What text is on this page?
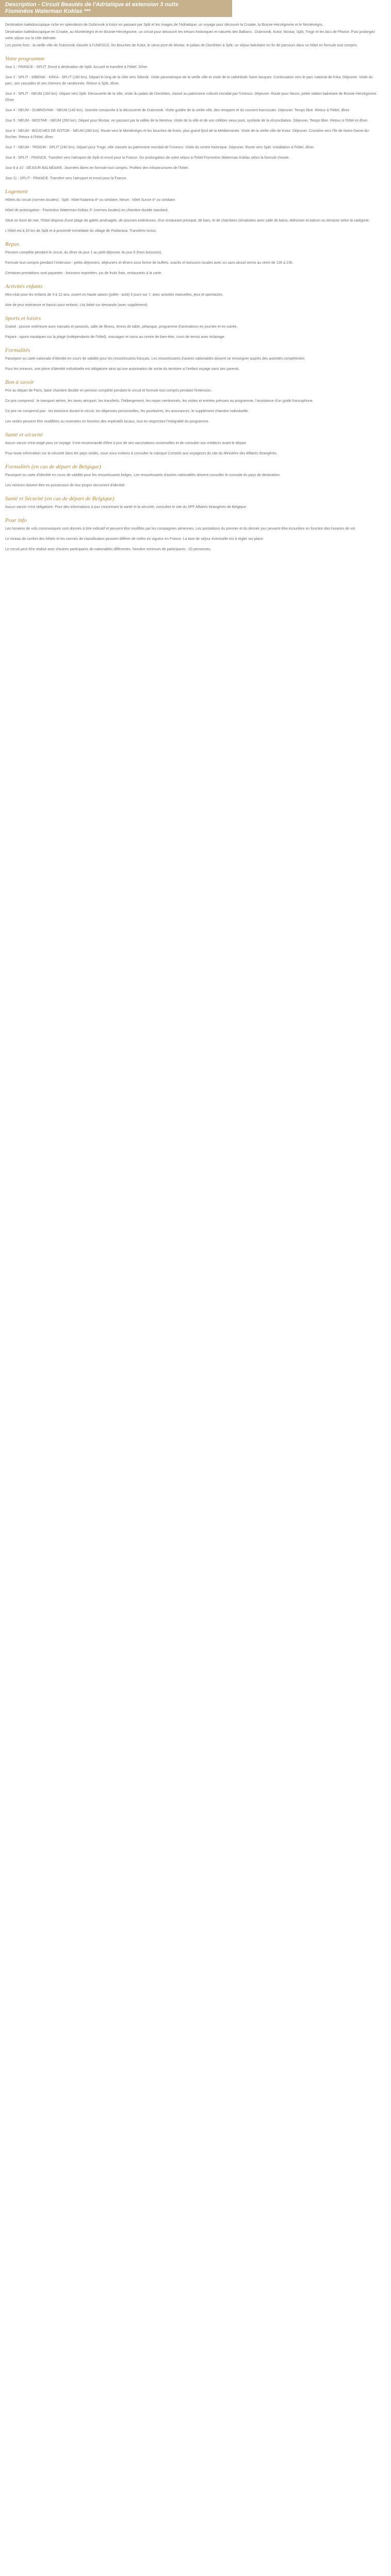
Description - Circuit Beautés de l'Adriatique et extension 3 nuits
Fisminéos Waterman Koklas ***

Destination kaléidoscopique riche en splendeurs de Dubrovnik à Kotor en passant par Split et les rivages de l'Adriatique, un voyage pour découvrir la Croatie, la Bosnie-Herzégovine et le Monténégro.

Destination kaléidoscopique en Croatie, au Monténégro et en Bosnie-Herzégovine, un circuit pour découvrir les trésors historiques et naturels des Balkans : Dubrovnik, Kotor, Mostar, Split, Trogir et les lacs de Plitvice. Puis prolongez votre séjour sur la côte dalmate.

Les points forts : la vieille ville de Dubrovnik classée à l'UNESCO, les Bouches de Kotor, le vieux pont de Mostar, le palais de Dioclétien à Split, un séjour balnéaire en fin de parcours dans un hôtel en formule tout compris.

Votre programme

Jour 1 : FRANCE - SPLIT. Envol à destination de Split. Accueil et transfert à l'hôtel. Dîner.

Jour 2 : SPLIT - SIBENIK - KRKA - SPLIT (160 km). Départ le long de la côte vers Sibenik. Visite panoramique de la vieille ville et visite de la cathédrale Saint-Jacques. Continuation vers le parc national de Krka. Déjeuner. Visite du parc, ses cascades et ses chemins de randonnée. Retour à Split, dîner.

Jour 3 : SPLIT - NEUM (160 km). Départ vers Split. Découverte de la ville, visite du palais de Dioclétien, classé au patrimoine culturel mondial par l'Unesco. Déjeuner. Route pour Neum, petite station balnéaire de Bosnie-Herzégovine. Dîner.

Jour 4 : NEUM - DUBROVNIK - NEUM (140 km). Journée consacrée à la découverte de Dubrovnik. Visite guidée de la vieille ville, des remparts et du couvent franciscain. Déjeuner. Temps libre. Retour à l'hôtel, dîner.

Jour 5 : NEUM - MOSTAR - NEUM (260 km). Départ pour Mostar, en passant par la vallée de la Neretva. Visite de la ville et de son célèbre vieux pont, symbole de la réconciliation. Déjeuner. Temps libre. Retour à l'hôtel et dîner.

Jour 6 : NEUM - BOUCHES DE KOTOR - NEUM (280 km). Route vers le Monténégro et les bouches de Kotor, plus grand fjord de la Méditerranée. Visite de la vieille ville de Kotor. Déjeuner. Croisière vers l'île de Notre-Dame-du-Rocher. Retour à l'hôtel, dîner.

Jour 7 : NEUM - TROGIR - SPLIT (240 km). Départ pour Trogir, ville classée au patrimoine mondial de l'Unesco. Visite du centre historique. Déjeuner. Route vers Split. Installation à l'hôtel, dîner.

Jour 8 : SPLIT - FRANCE. Transfert vers l'aéroport de Split et envol pour la France. Ou prolongation de votre séjour à l'hôtel Fisminéos Waterman Koklas selon la formule choisie.

Jour 8 à 10 : SÉJOUR BALNÉAIRE. Journées libres en formule tout compris. Profitez des infrastructures de l'hôtel.

Jour 11 : SPLIT - FRANCE. Transfert vers l'aéroport et envol pour la France.

Logement

Hôtels du circuit (normes locales) : Split : hôtel Katarina 4* ou similaire, Neum : hôtel Sunce 4* ou similaire.

Hôtel de prolongation : Fisminéos Waterman Koklas 3* (normes locales) en chambre double standard.

Situé en bord de mer, l'hôtel dispose d'une plage de galets aménagée, de piscines extérieures, d'un restaurant principal, de bars, et de chambres climatisées avec salle de bains, télévision et balcon ou terrasse selon la catégorie.

L'hôtel est à 20 km de Split et à proximité immédiate du village de Podstrana. Transferts inclus.

Repas

Pension complète pendant le circuit, du dîner du jour 1 au petit déjeuner du jour 8 (hors boissons).

Formule tout compris pendant l'extension : petits déjeuners, déjeuners et dîners sous forme de buffets, snacks et boissons locales avec ou sans alcool servis au verre de 10h à 23h.

Certaines prestations sont payantes : boissons importées, jus de fruits frais, restaurants à la carte.

Activités enfants

Mini-club pour les enfants de 4 à 12 ans, ouvert en haute saison (juillet - août) 6 jours sur 7, avec activités manuelles, jeux et spectacles.

Aire de jeux extérieure et bassin pour enfants. Lits bébé sur demande (avec supplément).

Sports et loisirs

Gratuit : piscine extérieure avec transats et parasols, salle de fitness, tennis de table, pétanque, programme d'animations en journée et en soirée.

Payant : sports nautiques sur la plage (indépendants de l'hôtel), massages et soins au centre de bien-être, court de tennis avec éclairage.

Formalités

Passeport ou carte nationale d'identité en cours de validité pour les ressortissants français. Les ressortissants d'autres nationalités doivent se renseigner auprès des autorités compétentes.

Pour les mineurs, une pièce d'identité individuelle est obligatoire ainsi qu'une autorisation de sortie du territoire si l'enfant voyage sans ses parents.

Bon à savoir

Prix au départ de Paris, base chambre double en pension complète pendant le circuit et formule tout compris pendant l'extension.

Ce prix comprend : le transport aérien, les taxes aéroport, les transferts, l'hébergement, les repas mentionnés, les visites et entrées prévues au programme, l'assistance d'un guide francophone.

Ce prix ne comprend pas : les boissons durant le circuit, les dépenses personnelles, les pourboires, les assurances, le supplément chambre individuelle.

Les visites peuvent être modifiées ou inversées en fonction des impératifs locaux, tout en respectant l'intégralité du programme.

Santé et sécurité

Aucun vaccin n'est exigé pour ce voyage. Il est recommandé d'être à jour de ses vaccinations universelles et de consulter son médecin avant le départ.

Pour toute information sur la sécurité dans les pays visités, nous vous invitons à consulter la rubrique Conseils aux voyageurs du site du Ministère des Affaires étrangères.

Formalités (en cas de départ de Belgique)

Passeport ou carte d'identité en cours de validité pour les ressortissants belges. Les ressortissants d'autres nationalités doivent consulter le consulat du pays de destination.

Les mineurs doivent être en possession de leur propre document d'identité.

Santé et Sécurité (en cas de départ de Belgique)

Aucun vaccin n'est obligatoire. Pour des informations à jour concernant la santé et la sécurité, consultez le site du SPF Affaires étrangères de Belgique.

Pour info

Les horaires de vols communiqués sont donnés à titre indicatif et peuvent être modifiés par les compagnies aériennes. Les prestations du premier et du dernier jour peuvent être écourtées en fonction des horaires de vol.

Le niveau de confort des hôtels et les normes de classification peuvent différer de celles en vigueur en France. La taxe de séjour éventuelle est à régler sur place.

Le circuit peut être réalisé avec d'autres participants de nationalités différentes. Nombre minimum de participants : 20 personnes.
